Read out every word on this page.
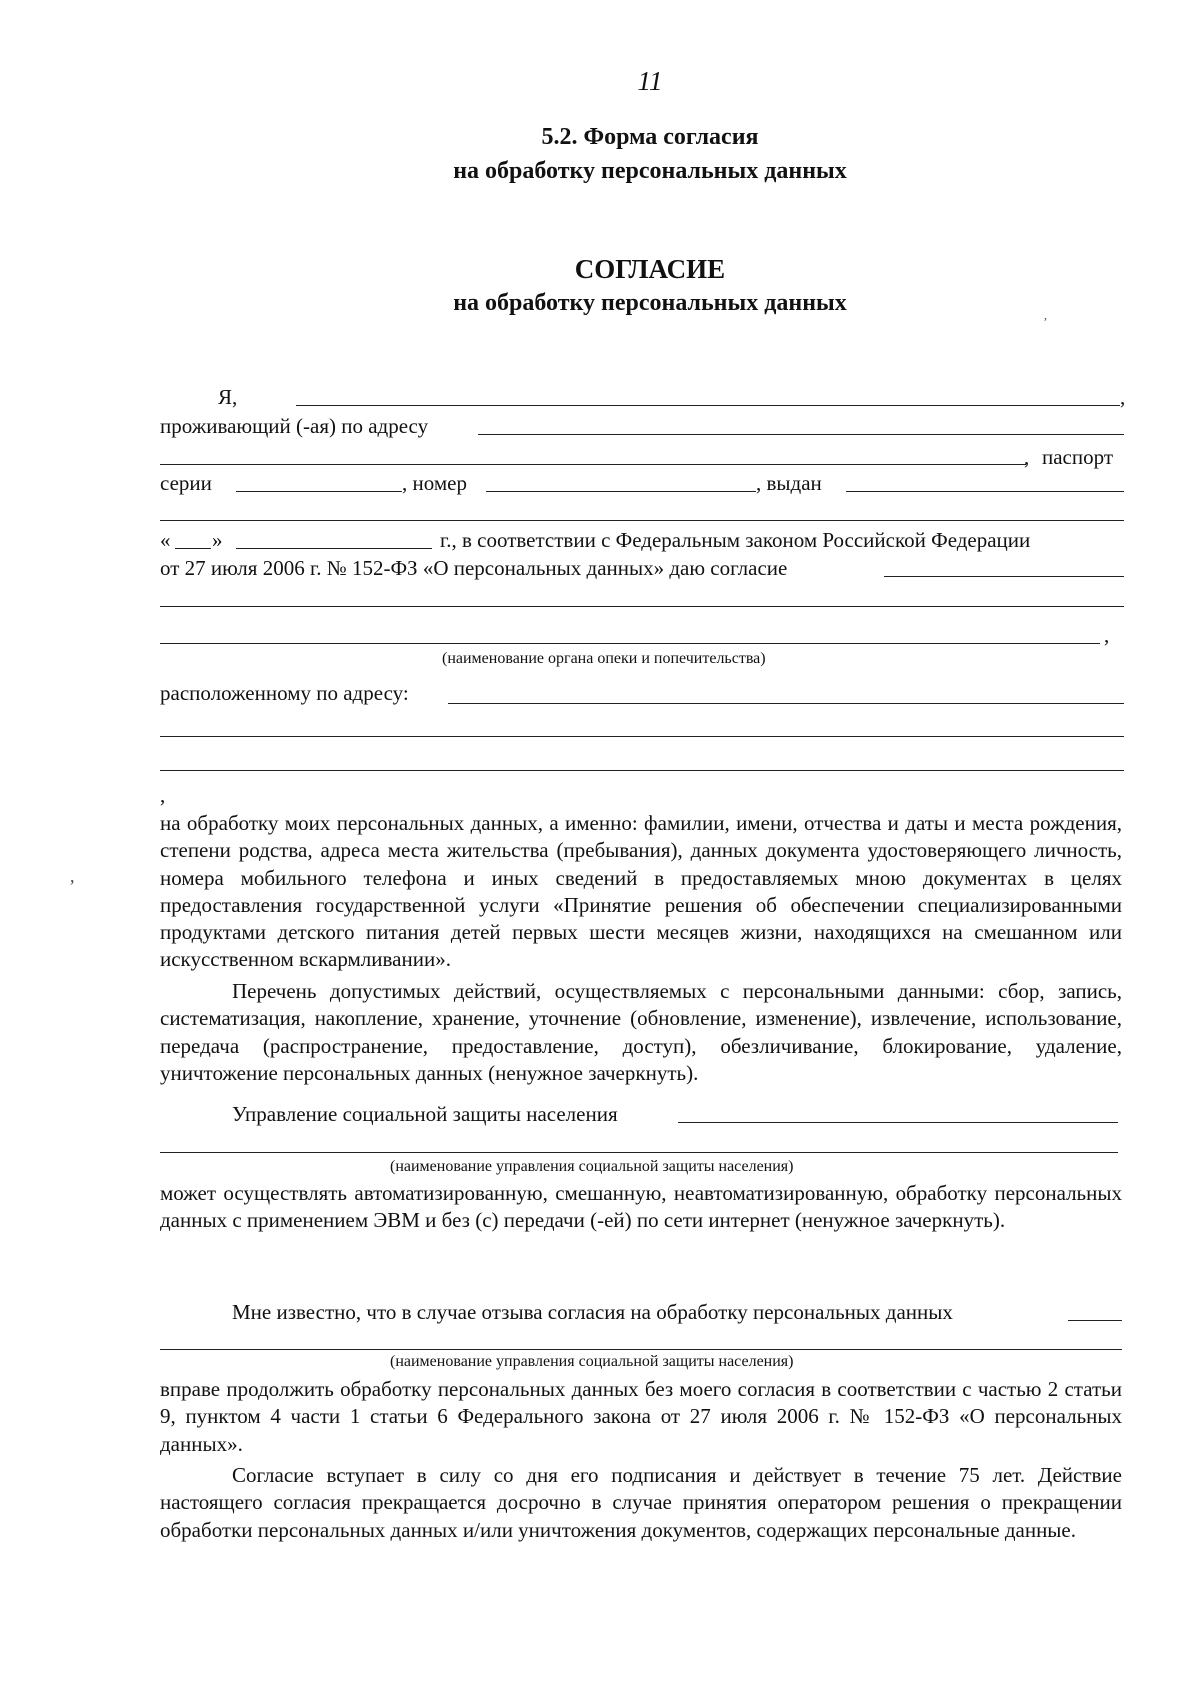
11
5.2. Форма согласия
на обработку персональных данных
СОГЛАСИЕ
на обработку персональных данных
Я,	,
проживающий (-ая) по адресу
, паспорт
серии	, номер	, выдан
« »	г., в соответствии с Федеральным законом Российской Федерации
от 27 июля 2006 г. № 152-ФЗ «О персональных данных» даю согласие
,
(наименование органа опеки и попечительства)
расположенному по адресу:
,
на обработку моих персональных данных, а именно: фамилии, имени, отчества и даты и места рождения, степени родства, адреса места жительства (пребывания), данных документа удостоверяющего личность, номера мобильного телефона и иных сведений в предоставляемых мною документах в целях предоставления государственной услуги «Принятие решения об обеспечении специализированными продуктами детского питания детей первых шести месяцев жизни, находящихся на смешанном или искусственном вскармливании».
Перечень допустимых действий, осуществляемых с персональными данными: сбор, запись, систематизация, накопление, хранение, уточнение (обновление, изменение), извлечение, использование, передача (распространение, предоставление, доступ), обезличивание, блокирование, удаление, уничтожение персональных данных (ненужное зачеркнуть).
Управление социальной защиты населения
(наименование управления социальной защиты населения)
может осуществлять автоматизированную, смешанную, неавтоматизированную, обработку персональных данных с применением ЭВМ и без (с) передачи (-ей) по сети интернет (ненужное зачеркнуть).
Мне известно, что в случае отзыва согласия на обработку персональных данных
(наименование управления социальной защиты населения)
вправе продолжить обработку персональных данных без моего согласия в соответствии с частью 2 статьи 9, пунктом 4 части 1 статьи 6 Федерального закона от 27 июля 2006 г. № 152-ФЗ «О персональных данных».
Согласие вступает в силу со дня его подписания и действует в течение 75 лет. Действие настоящего согласия прекращается досрочно в случае принятия оператором решения о прекращении обработки персональных данных и/или уничтожения документов, содержащих персональные данные.
,
,
